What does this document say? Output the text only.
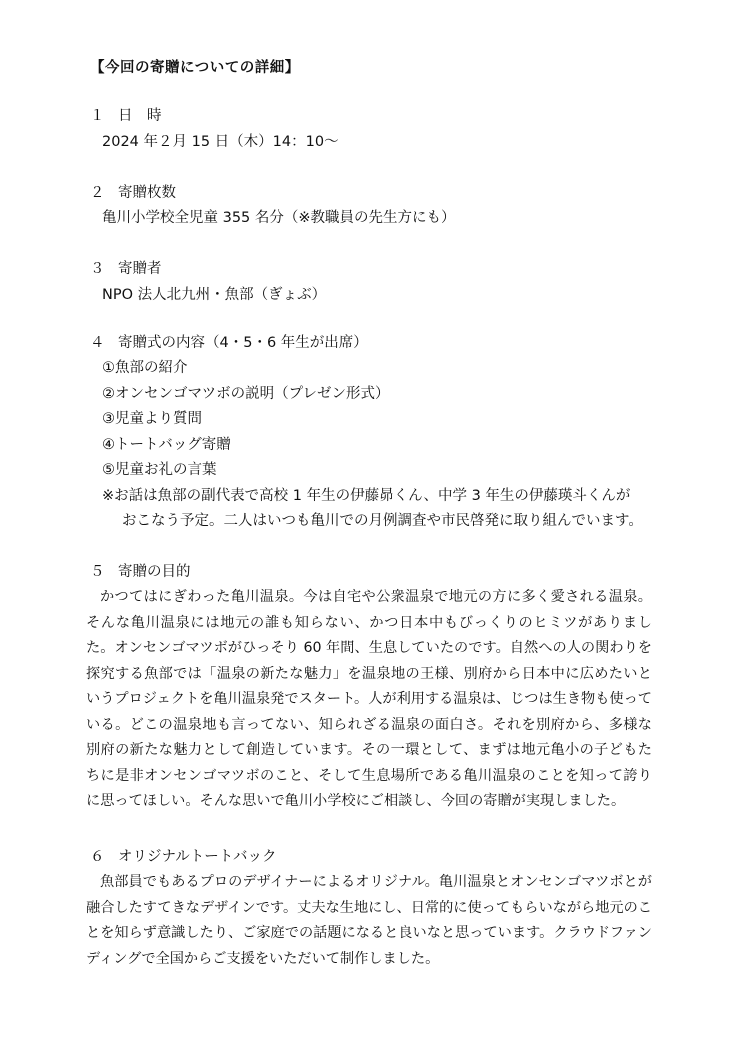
【今回の寄贈についての詳細】
１ 日　時
2024 年２月 15 日（木）14：10〜
２ 寄贈枚数
亀川小学校全児童 355 名分（※教職員の先生方にも）
３ 寄贈者
NPO 法人北九州・魚部（ぎょぶ）
４ 寄贈式の内容（4・5・6 年生が出席）
①魚部の紹介
②オンセンゴマツボの説明（プレゼン形式）
③児童より質問
④トートバッグ寄贈
⑤児童お礼の言葉
※お話は魚部の副代表で高校 1 年生の伊藤昴くん、中学 3 年生の伊藤瑛斗くんが
おこなう予定。二人はいつも亀川での月例調査や市民啓発に取り組んでいます。
５ 寄贈の目的

かつてはにぎわった亀川温泉。今は自宅や公衆温泉で地元の方に多く愛される温泉。そんな亀川温泉には地元の誰も知らない、かつ日本中もびっくりのヒミツがありました。オンセンゴマツボがひっそり 60 年間、生息していたのです。自然への人の関わりを探究する魚部では「温泉の新たな魅力」を温泉地の王様、別府から日本中に広めたいというプロジェクトを亀川温泉発でスタート。人が利用する温泉は、じつは生き物も使っている。どこの温泉地も言ってない、知られざる温泉の面白さ。それを別府から、多様な別府の新たな魅力として創造しています。その一環として、まずは地元亀小の子どもたちに是非オンセンゴマツボのこと、そして生息場所である亀川温泉のことを知って誇りに思ってほしい。そんな思いで亀川小学校にご相談し、今回の寄贈が実現しました。

６ オリジナルトートバック

魚部員でもあるプロのデザイナーによるオリジナル。亀川温泉とオンセンゴマツボとが融合したすてきなデザインです。丈夫な生地にし、日常的に使ってもらいながら地元のことを知らず意識したり、ご家庭での話題になると良いなと思っています。クラウドファンディングで全国からご支援をいただいて制作しました。
